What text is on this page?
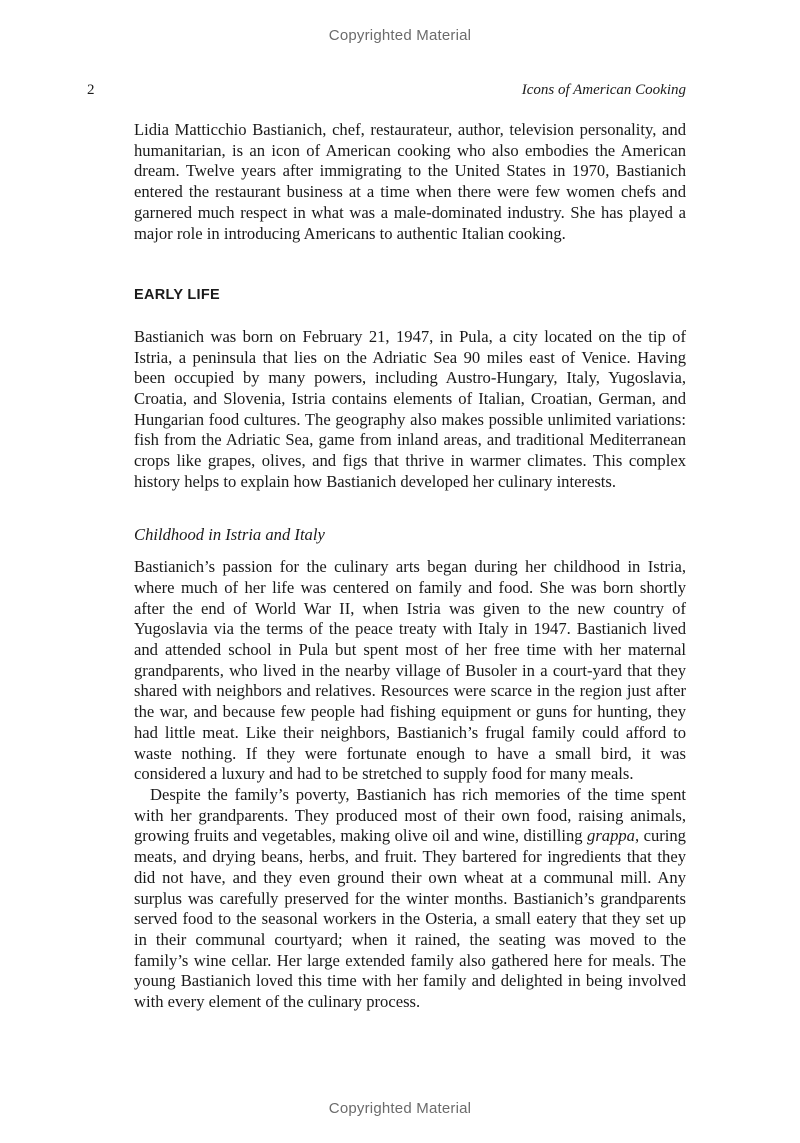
Copyrighted Material
2	Icons of American Cooking

Lidia Matticchio Bastianich, chef, restaurateur, author, television personality, and humanitarian, is an icon of American cooking who also embodies the American dream. Twelve years after immigrating to the United States in 1970, Bastianich entered the restaurant business at a time when there were few women chefs and garnered much respect in what was a male-dominated industry. She has played a major role in introducing Americans to authentic Italian cooking.

EARLY LIFE

Bastianich was born on February 21, 1947, in Pula, a city located on the tip of Istria, a peninsula that lies on the Adriatic Sea 90 miles east of Venice. Having been occupied by many powers, including Austro-Hungary, Italy, Yugoslavia, Croatia, and Slovenia, Istria contains elements of Italian, Croatian, German, and Hungarian food cultures. The geography also makes possible unlimited variations: fish from the Adriatic Sea, game from inland areas, and traditional Mediterranean crops like grapes, olives, and figs that thrive in warmer climates. This complex history helps to explain how Bastianich developed her culinary interests.

Childhood in Istria and Italy

Bastianich’s passion for the culinary arts began during her childhood in Istria, where much of her life was centered on family and food. She was born shortly after the end of World War II, when Istria was given to the new country of Yugoslavia via the terms of the peace treaty with Italy in 1947. Bastianich lived and attended school in Pula but spent most of her free time with her maternal grandparents, who lived in the nearby village of Busoler in a court-yard that they shared with neighbors and relatives. Resources were scarce in the region just after the war, and because few people had fishing equipment or guns for hunting, they had little meat. Like their neighbors, Bastianich’s frugal family could afford to waste nothing. If they were fortunate enough to have a small bird, it was considered a luxury and had to be stretched to supply food for many meals.

Despite the family’s poverty, Bastianich has rich memories of the time spent with her grandparents. They produced most of their own food, raising animals, growing fruits and vegetables, making olive oil and wine, distilling grappa, curing meats, and drying beans, herbs, and fruit. They bartered for ingredients that they did not have, and they even ground their own wheat at a communal mill. Any surplus was carefully preserved for the winter months. Bastianich’s grandparents served food to the seasonal workers in the Osteria, a small eatery that they set up in their communal courtyard; when it rained, the seating was moved to the family’s wine cellar. Her large extended family also gathered here for meals. The young Bastianich loved this time with her family and delighted in being involved with every element of the culinary process.

Copyrighted Material
